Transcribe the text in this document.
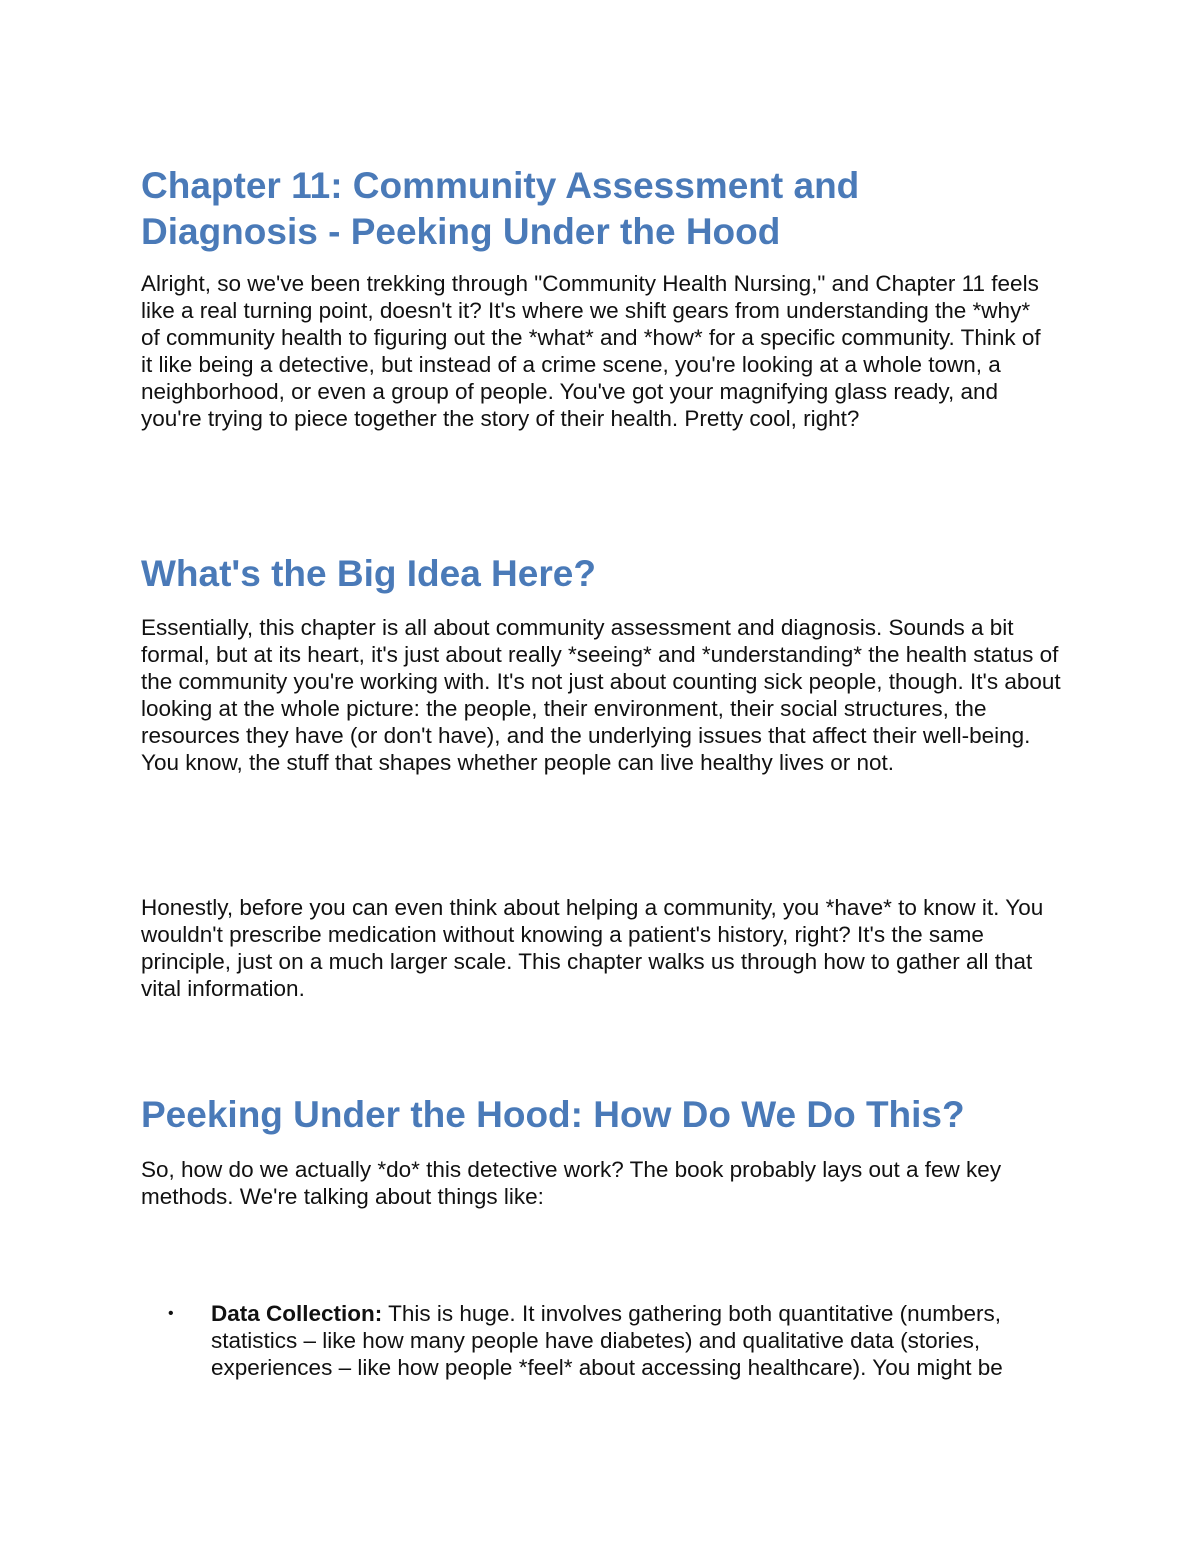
Chapter 11: Community Assessment and Diagnosis - Peeking Under the Hood

Alright, so we've been trekking through "Community Health Nursing," and Chapter 11 feels like a real turning point, doesn't it? It's where we shift gears from understanding the *why* of community health to figuring out the *what* and *how* for a specific community. Think of it like being a detective, but instead of a crime scene, you're looking at a whole town, a neighborhood, or even a group of people. You've got your magnifying glass ready, and you're trying to piece together the story of their health. Pretty cool, right?

What's the Big Idea Here?

Essentially, this chapter is all about community assessment and diagnosis. Sounds a bit formal, but at its heart, it's just about really *seeing* and *understanding* the health status of the community you're working with. It's not just about counting sick people, though. It's about looking at the whole picture: the people, their environment, their social structures, the resources they have (or don't have), and the underlying issues that affect their well-being. You know, the stuff that shapes whether people can live healthy lives or not.

Honestly, before you can even think about helping a community, you *have* to know it. You wouldn't prescribe medication without knowing a patient's history, right? It's the same principle, just on a much larger scale. This chapter walks us through how to gather all that vital information.

Peeking Under the Hood: How Do We Do This?

So, how do we actually *do* this detective work? The book probably lays out a few key methods. We're talking about things like:

• Data Collection: This is huge. It involves gathering both quantitative (numbers, statistics – like how many people have diabetes) and qualitative data (stories, experiences – like how people *feel* about accessing healthcare). You might be
